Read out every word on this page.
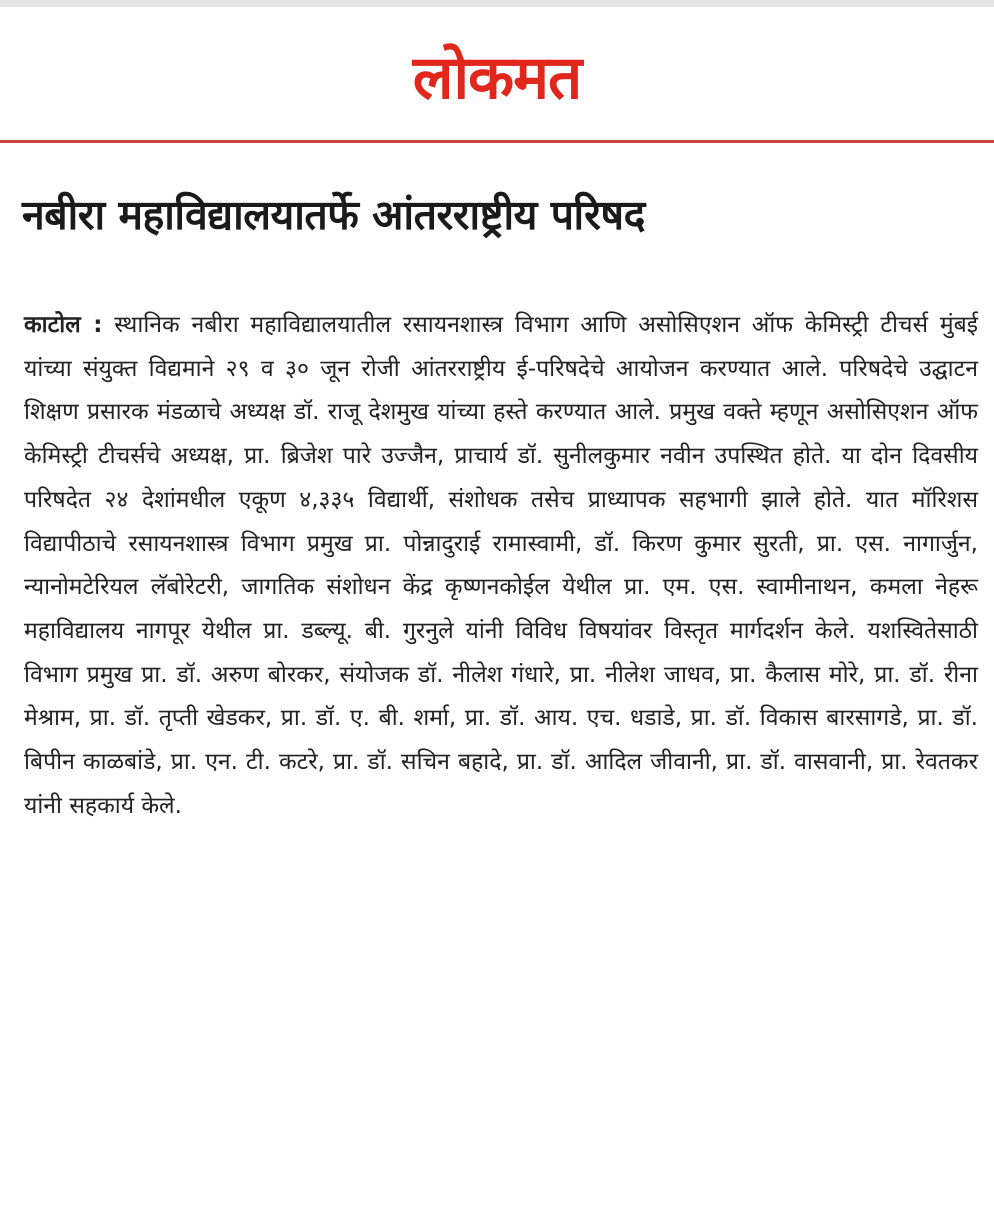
लोकमत
नबीरा महाविद्यालयातर्फे आंतरराष्ट्रीय परिषद

काटोल : स्थानिक नबीरा महाविद्यालयातील रसायनशास्त्र विभाग आणि असोसिएशन ऑफ केमिस्ट्री टीचर्स मुंबई यांच्या संयुक्त विद्यमाने २९ व ३० जून रोजी आंतरराष्ट्रीय ई-परिषदेचे आयोजन करण्यात आले. परिषदेचे उद्घाटन शिक्षण प्रसारक मंडळाचे अध्यक्ष डॉ. राजू देशमुख यांच्या हस्ते करण्यात आले. प्रमुख वक्ते म्हणून असोसिएशन ऑफ केमिस्ट्री टीचर्सचे अध्यक्ष, प्रा. ब्रिजेश पारे उज्जैन, प्राचार्य डॉ. सुनीलकुमार नवीन उपस्थित होते. या दोन दिवसीय परिषदेत २४ देशांमधील एकूण ४,३३५ विद्यार्थी, संशोधक तसेच प्राध्यापक सहभागी झाले होते. यात मॉरिशस विद्यापीठाचे रसायनशास्त्र विभाग प्रमुख प्रा. पोन्नादुराई रामास्वामी, डॉ. किरण कुमार सुरती, प्रा. एस. नागार्जुन, न्यानोमटेरियल लॅबोरेटरी, जागतिक संशोधन केंद्र कृष्णनकोईल येथील प्रा. एम. एस. स्वामीनाथन, कमला नेहरू महाविद्यालय नागपूर येथील प्रा. डब्ल्यू. बी. गुरनुले यांनी विविध विषयांवर विस्तृत मार्गदर्शन केले. यशस्वितेसाठी विभाग प्रमुख प्रा. डॉ. अरुण बोरकर, संयोजक डॉ. नीलेश गंधारे, प्रा. नीलेश जाधव, प्रा. कैलास मोरे, प्रा. डॉ. रीना मेश्राम, प्रा. डॉ. तृप्ती खेडकर, प्रा. डॉ. ए. बी. शर्मा, प्रा. डॉ. आय. एच. धडाडे, प्रा. डॉ. विकास बारसागडे, प्रा. डॉ. बिपीन काळबांडे, प्रा. एन. टी. कटरे, प्रा. डॉ. सचिन बहादे, प्रा. डॉ. आदिल जीवानी, प्रा. डॉ. वासवानी, प्रा. रेवतकर यांनी सहकार्य केले.
